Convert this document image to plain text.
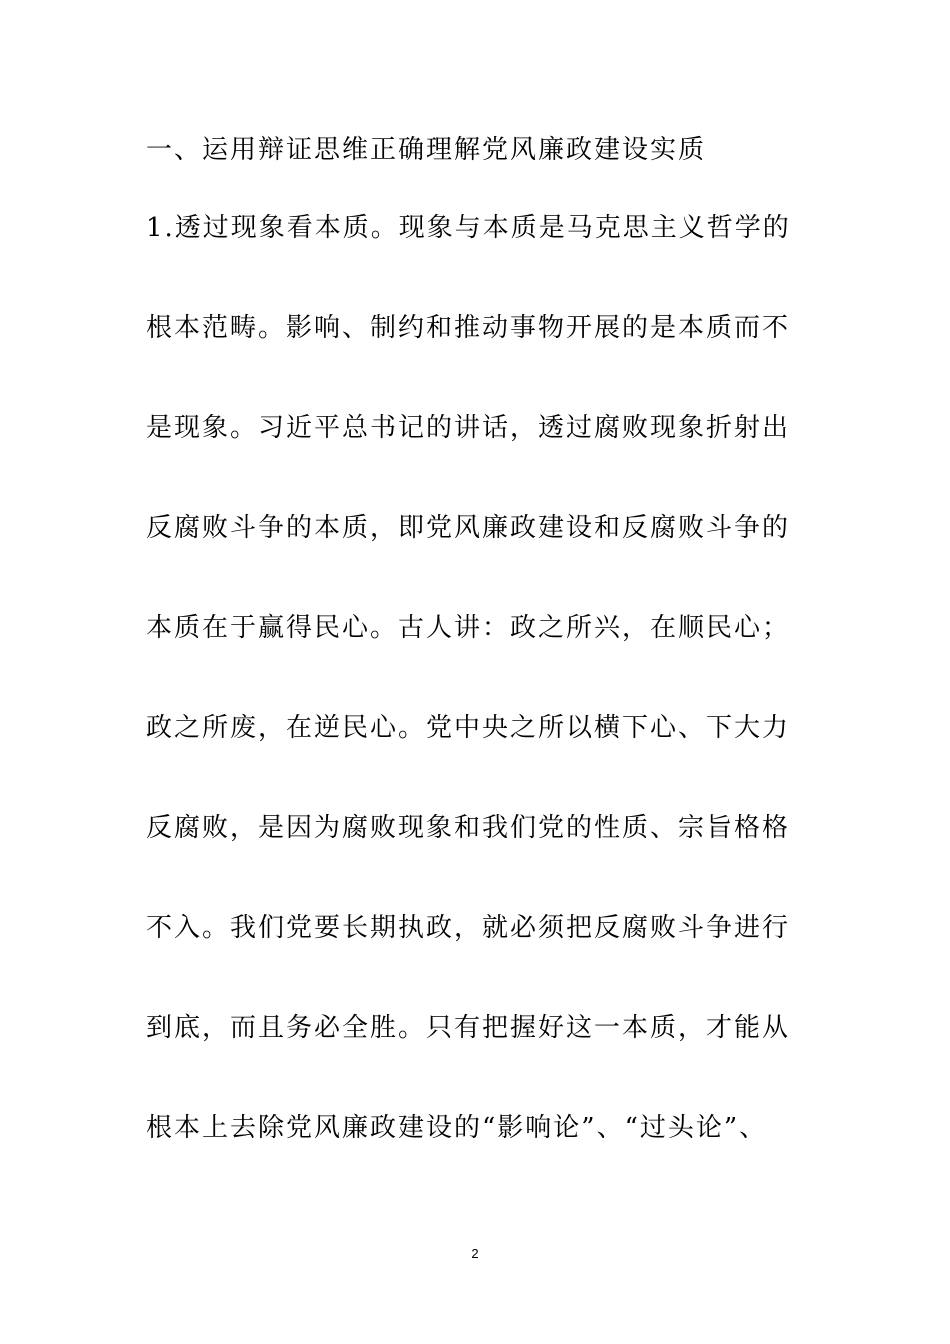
一、运用辩证思维正确理解党风廉政建设实质
1.透过现象看本质。现象与本质是马克思主义哲学的
根本范畴。影响、制约和推动事物开展的是本质而不
是现象。习近平总书记的讲话，透过腐败现象折射出
反腐败斗争的本质，即党风廉政建设和反腐败斗争的
本质在于赢得民心。古人讲：政之所兴，在顺民心；
政之所废，在逆民心。党中央之所以横下心、下大力
反腐败，是因为腐败现象和我们党的性质、宗旨格格
不入。我们党要长期执政，就必须把反腐败斗争进行
到底，而且务必全胜。只有把握好这一本质，才能从
根本上去除党风廉政建设的“影响论”、“过头论”、
2
